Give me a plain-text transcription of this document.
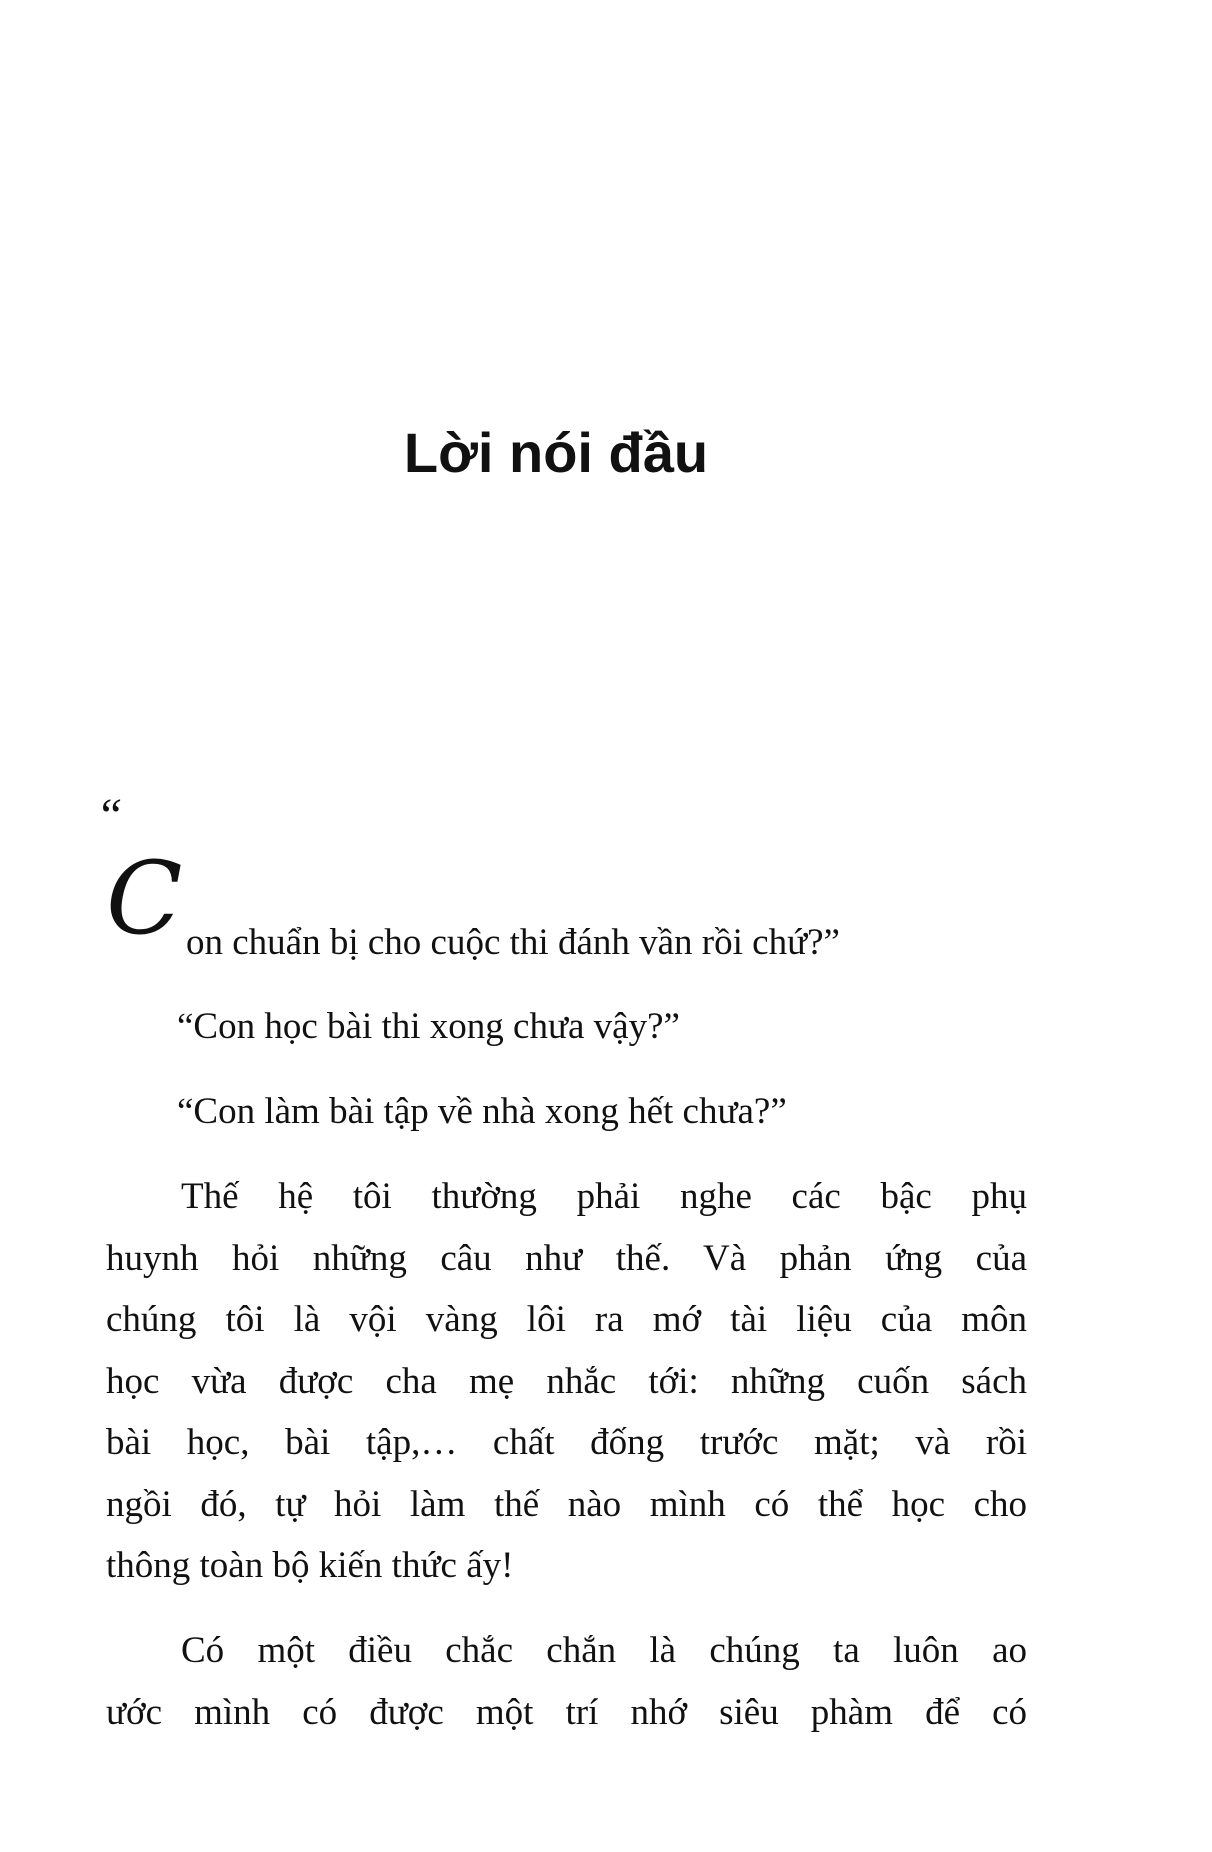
Lời nói đầu
“
C on chuẩn bị cho cuộc thi đánh vần rồi chứ?”
“Con học bài thi xong chưa vậy?”
“Con làm bài tập về nhà xong hết chưa?”
Thế hệ tôi thường phải nghe các bậc phụ
huynh hỏi những câu như thế. Và phản ứng của
chúng tôi là vội vàng lôi ra mớ tài liệu của môn
học vừa được cha mẹ nhắc tới: những cuốn sách
bài học, bài tập,… chất đống trước mặt; và rồi
ngồi đó, tự hỏi làm thế nào mình có thể học cho
thông toàn bộ kiến thức ấy!
Có một điều chắc chắn là chúng ta luôn ao
ước mình có được một trí nhớ siêu phàm để có
